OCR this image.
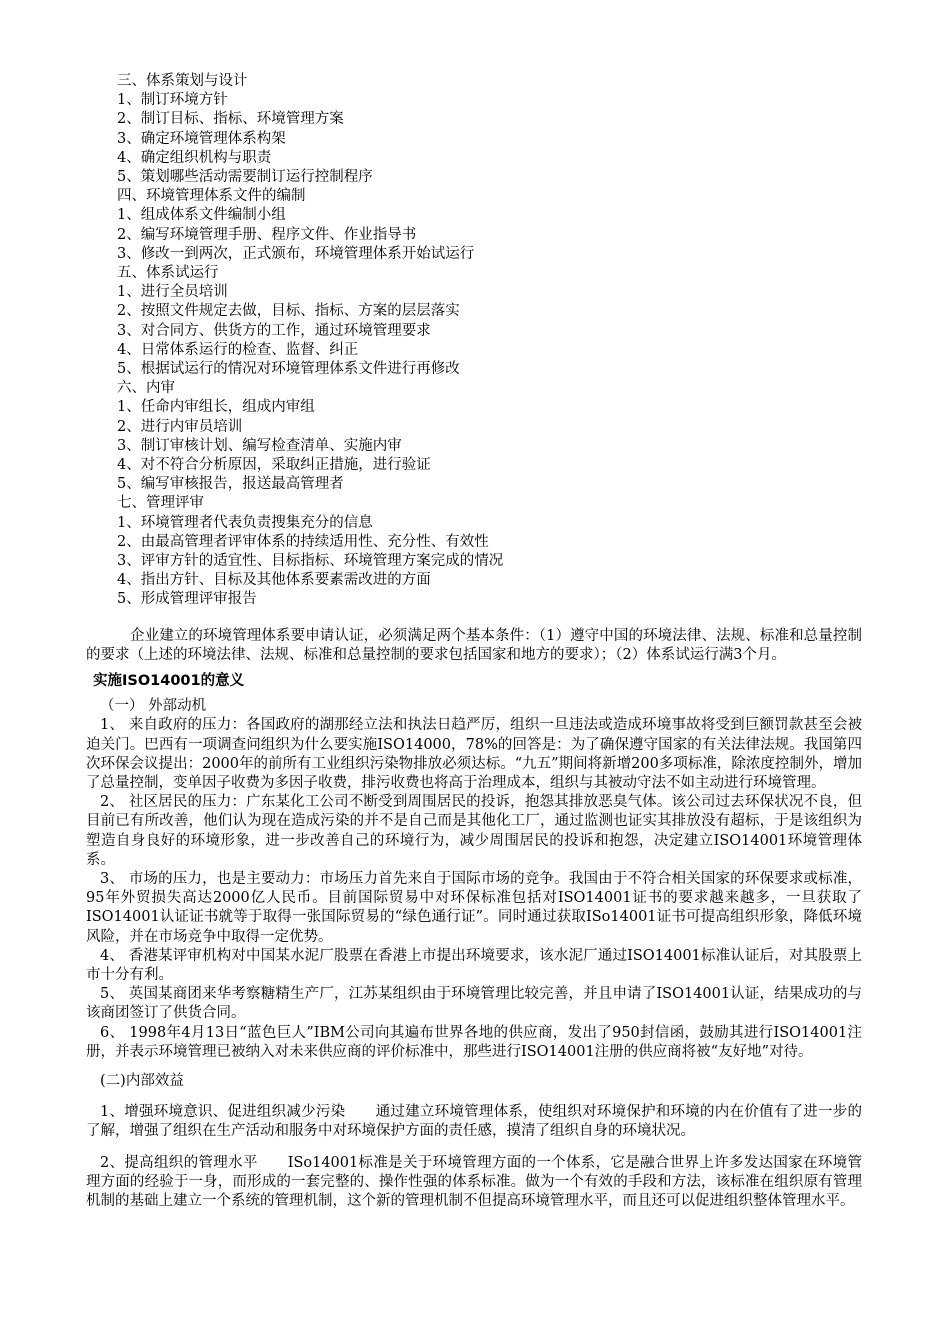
三、体系策划与设计
1、制订环境方针
2、制订目标、指标、环境管理方案
3、确定环境管理体系构架
4、确定组织机构与职责
5、策划哪些活动需要制订运行控制程序
四、环境管理体系文件的编制
1、组成体系文件编制小组
2、编写环境管理手册、程序文件、作业指导书
3、修改一到两次，正式颁布，环境管理体系开始试运行
五、体系试运行
1、进行全员培训
2、按照文件规定去做，目标、指标、方案的层层落实
3、对合同方、供货方的工作，通过环境管理要求
4、日常体系运行的检查、监督、纠正
5、根据试运行的情况对环境管理体系文件进行再修改
六、内审
1、任命内审组长，组成内审组
2、进行内审员培训
3、制订审核计划、编写检查清单、实施内审
4、对不符合分析原因，采取纠正措施，进行验证
5、编写审核报告，报送最高管理者
七、管理评审
1、环境管理者代表负责搜集充分的信息
2、由最高管理者评审体系的持续适用性、充分性、有效性
3、评审方针的适宜性、目标指标、环境管理方案完成的情况
4、指出方针、目标及其他体系要素需改进的方面
5、形成管理评审报告

企业建立的环境管理体系要申请认证，必须满足两个基本条件：（1）遵守中国的环境法律、法规、标准和总量控制的要求（上述的环境法律、法规、标准和总量控制的要求包括国家和地方的要求）；（2）体系试运行满3个月。

实施ISO14001的意义
（一） 外部动机

1、 来自政府的压力：各国政府的湖那经立法和执法日趋严厉，组织一旦违法或造成环境事故将受到巨额罚款甚至会被迫关门。巴西有一项调查问组织为什么要实施ISO14000，78%的回答是：为了确保遵守国家的有关法律法规。我国第四次环保会议提出：2000年的前所有工业组织污染物排放必须达标。“九五”期间将新增200多项标准，除浓度控制外，增加了总量控制，变单因子收费为多因子收费，排污收费也将高于治理成本，组织与其被动守法不如主动进行环境管理。

2、 社区居民的压力：广东某化工公司不断受到周围居民的投诉，抱怨其排放恶臭气体。该公司过去环保状况不良，但目前已有所改善，他们认为现在造成污染的并不是自己而是其他化工厂，通过监测也证实其排放没有超标，于是该组织为塑造自身良好的环境形象，进一步改善自己的环境行为，减少周围居民的投诉和抱怨，决定建立ISO14001环境管理体系。

3、 市场的压力，也是主要动力：市场压力首先来自于国际市场的竞争。我国由于不符合相关国家的环保要求或标准，95年外贸损失高达2000亿人民币。目前国际贸易中对环保标准包括对ISO14001证书的要求越来越多，一旦获取了ISO14001认证证书就等于取得一张国际贸易的“绿色通行证”。同时通过获取ISo14001证书可提高组织形象，降低环境风险，并在市场竞争中取得一定优势。

4、 香港某评审机构对中国某水泥厂股票在香港上市提出环境要求，该水泥厂通过ISO14001标准认证后，对其股票上市十分有利。

5、 英国某商团来华考察糖精生产厂，江苏某组织由于环境管理比较完善，并且申请了ISO14001认证，结果成功的与该商团签订了供货合同。

6、 1998年4月13日“蓝色巨人”IBM公司向其遍布世界各地的供应商，发出了950封信函，鼓励其进行ISO14001注册，并表示环境管理已被纳入对未来供应商的评价标准中，那些进行ISO14001注册的供应商将被“友好地”对待。

(二)内部效益

1、增强环境意识、促进组织减少污染 通过建立环境管理体系，使组织对环境保护和环境的内在价值有了进一步的了解，增强了组织在生产活动和服务中对环境保护方面的责任感，摸清了组织自身的环境状况。

2、提高组织的管理水平 ISo14001标准是关于环境管理方面的一个体系，它是融合世界上许多发达国家在环境管理方面的经验于一身，而形成的一套完整的、操作性强的体系标准。做为一个有效的手段和方法，该标准在组织原有管理机制的基础上建立一个系统的管理机制，这个新的管理机制不但提高环境管理水平，而且还可以促进组织整体管理水平。
